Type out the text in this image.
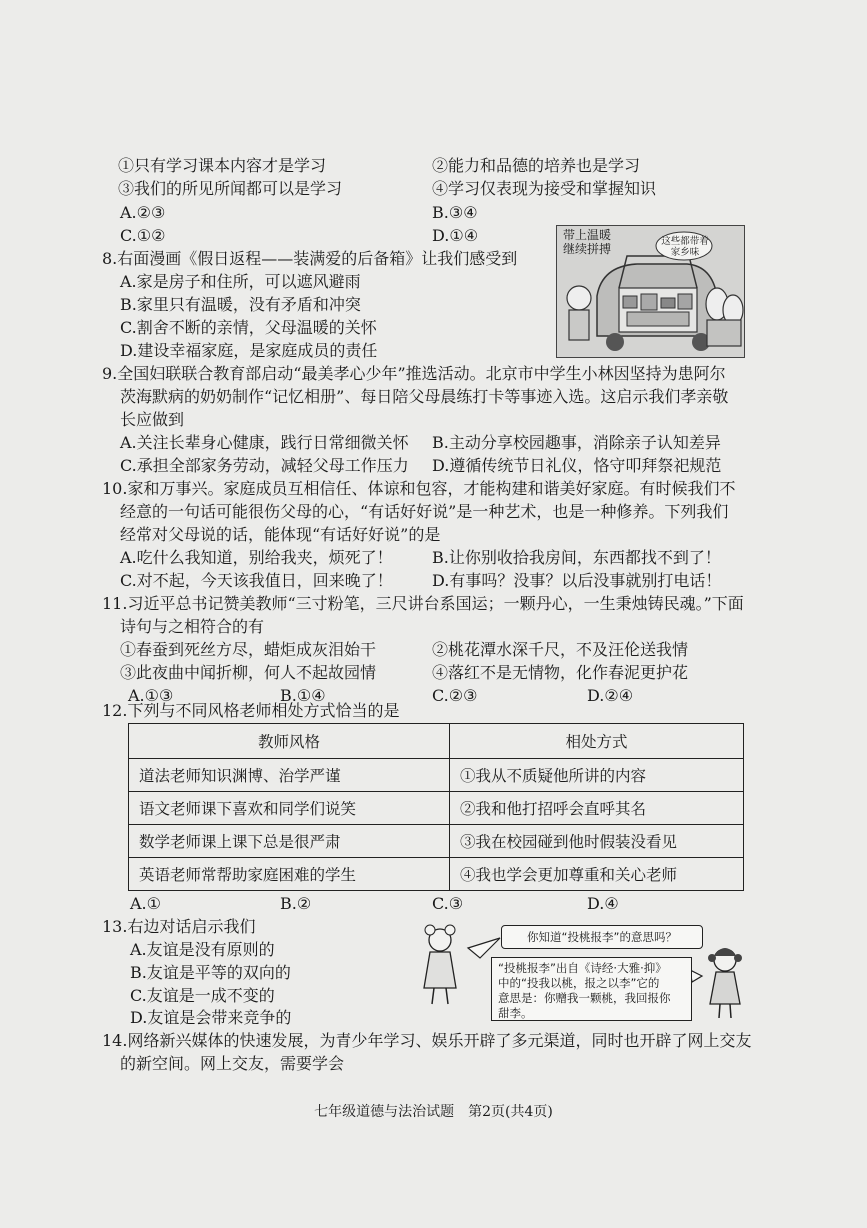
①只有学习课本内容才是学习	②能力和品德的培养也是学习
③我们的所见所闻都可以是学习	④学习仅表现为接受和掌握知识
A.②③	B.③④
C.①②	D.①④
8.右面漫画《假日返程——装满爱的后备箱》让我们感受到
A.家是房子和住所，可以遮风避雨
B.家里只有温暖，没有矛盾和冲突
C.割舍不断的亲情，父母温暖的关怀
D.建设幸福家庭，是家庭成员的责任
带上温暖继续拼搏
这些都带着家乡味
9.全国妇联联合教育部启动“最美孝心少年”推选活动。北京市中学生小林因坚持为患阿尔
茨海默病的奶奶制作“记忆相册”、每日陪父母晨练打卡等事迹入选。这启示我们孝亲敬
长应做到
A.关注长辈身心健康，践行日常细微关怀 B.主动分享校园趣事，消除亲子认知差异
C.承担全部家务劳动，减轻父母工作压力 D.遵循传统节日礼仪，恪守叩拜祭祀规范
10.家和万事兴。家庭成员互相信任、体谅和包容，才能构建和谐美好家庭。有时候我们不
经意的一句话可能很伤父母的心，“有话好好说”是一种艺术，也是一种修养。下列我们
经常对父母说的话，能体现“有话好好说”的是
A.吃什么我知道，别给我夹，烦死了！ B.让你别收拾我房间，东西都找不到了！
C.对不起，今天该我值日，回来晚了！ D.有事吗？没事？以后没事就别打电话！
11.习近平总书记赞美教师“三寸粉笔，三尺讲台系国运；一颗丹心，一生秉烛铸民魂。”下面
诗句与之相符合的有
①春蚕到死丝方尽，蜡炬成灰泪始干	②桃花潭水深千尺，不及汪伦送我情
③此夜曲中闻折柳，何人不起故园情	④落红不是无情物，化作春泥更护花
A.①③	B.①④	C.②③	D.②④
12.下列与不同风格老师相处方式恰当的是
教师风格	相处方式
道法老师知识渊博、治学严谨	①我从不质疑他所讲的内容
语文老师课下喜欢和同学们说笑	②我和他打招呼会直呼其名
数学老师课上课下总是很严肃	③我在校园碰到他时假装没看见
英语老师常帮助家庭困难的学生	④我也学会更加尊重和关心老师
A.①	B.②	C.③	D.④
13.右边对话启示我们
A.友谊是没有原则的
B.友谊是平等的双向的
C.友谊是一成不变的
D.友谊是会带来竞争的
你知道“投桃报李”的意思吗？
“投桃报李”出自《诗经·大雅·抑》
中的“投我以桃，报之以李”它的
意思是：你赠我一颗桃，我回报你
甜李。
14.网络新兴媒体的快速发展，为青少年学习、娱乐开辟了多元渠道，同时也开辟了网上交友
的新空间。网上交友，需要学会
七年级道德与法治试题　第2页(共4页)
